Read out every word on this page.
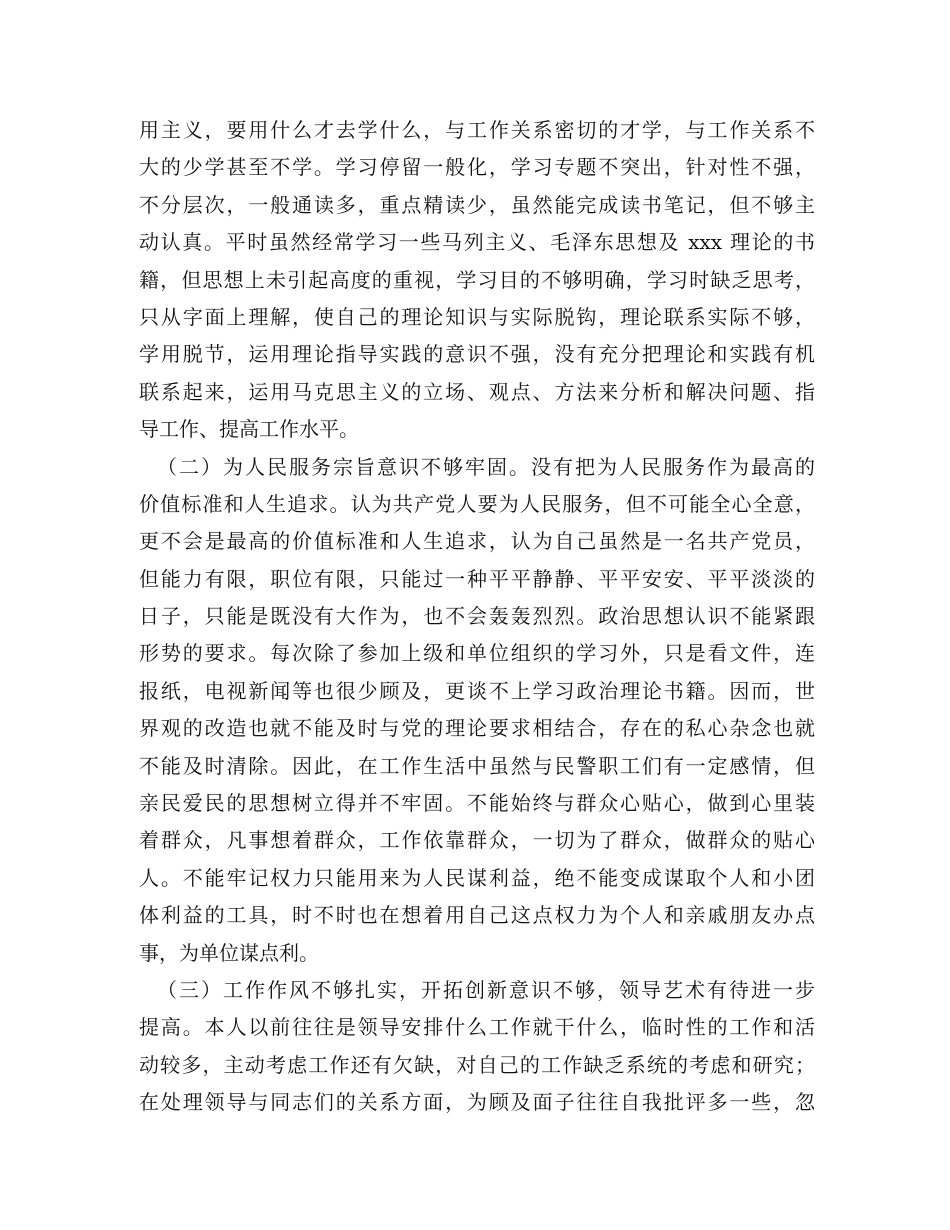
用主义，要用什么才去学什么，与工作关系密切的才学，与工作关系不
大的少学甚至不学。学习停留一般化，学习专题不突出，针对性不强，
不分层次，一般通读多，重点精读少，虽然能完成读书笔记，但不够主
动认真。平时虽然经常学习一些马列主义、毛泽东思想及 xxx 理论的书
籍，但思想上未引起高度的重视，学习目的不够明确，学习时缺乏思考，
只从字面上理解，使自己的理论知识与实际脱钩，理论联系实际不够，
学用脱节，运用理论指导实践的意识不强，没有充分把理论和实践有机
联系起来，运用马克思主义的立场、观点、方法来分析和解决问题、指
导工作、提高工作水平。
（二）为人民服务宗旨意识不够牢固。没有把为人民服务作为最高的
价值标准和人生追求。认为共产党人要为人民服务，但不可能全心全意，
更不会是最高的价值标准和人生追求，认为自己虽然是一名共产党员，
但能力有限，职位有限，只能过一种平平静静、平平安安、平平淡淡的
日子，只能是既没有大作为，也不会轰轰烈烈。政治思想认识不能紧跟
形势的要求。每次除了参加上级和单位组织的学习外，只是看文件，连
报纸，电视新闻等也很少顾及，更谈不上学习政治理论书籍。因而，世
界观的改造也就不能及时与党的理论要求相结合，存在的私心杂念也就
不能及时清除。因此，在工作生活中虽然与民警职工们有一定感情，但
亲民爱民的思想树立得并不牢固。不能始终与群众心贴心，做到心里装
着群众，凡事想着群众，工作依靠群众，一切为了群众，做群众的贴心
人。不能牢记权力只能用来为人民谋利益，绝不能变成谋取个人和小团
体利益的工具，时不时也在想着用自己这点权力为个人和亲戚朋友办点
事，为单位谋点利。
（三）工作作风不够扎实，开拓创新意识不够，领导艺术有待进一步
提高。本人以前往往是领导安排什么工作就干什么，临时性的工作和活
动较多，主动考虑工作还有欠缺，对自己的工作缺乏系统的考虑和研究；
在处理领导与同志们的关系方面，为顾及面子往往自我批评多一些，忽
